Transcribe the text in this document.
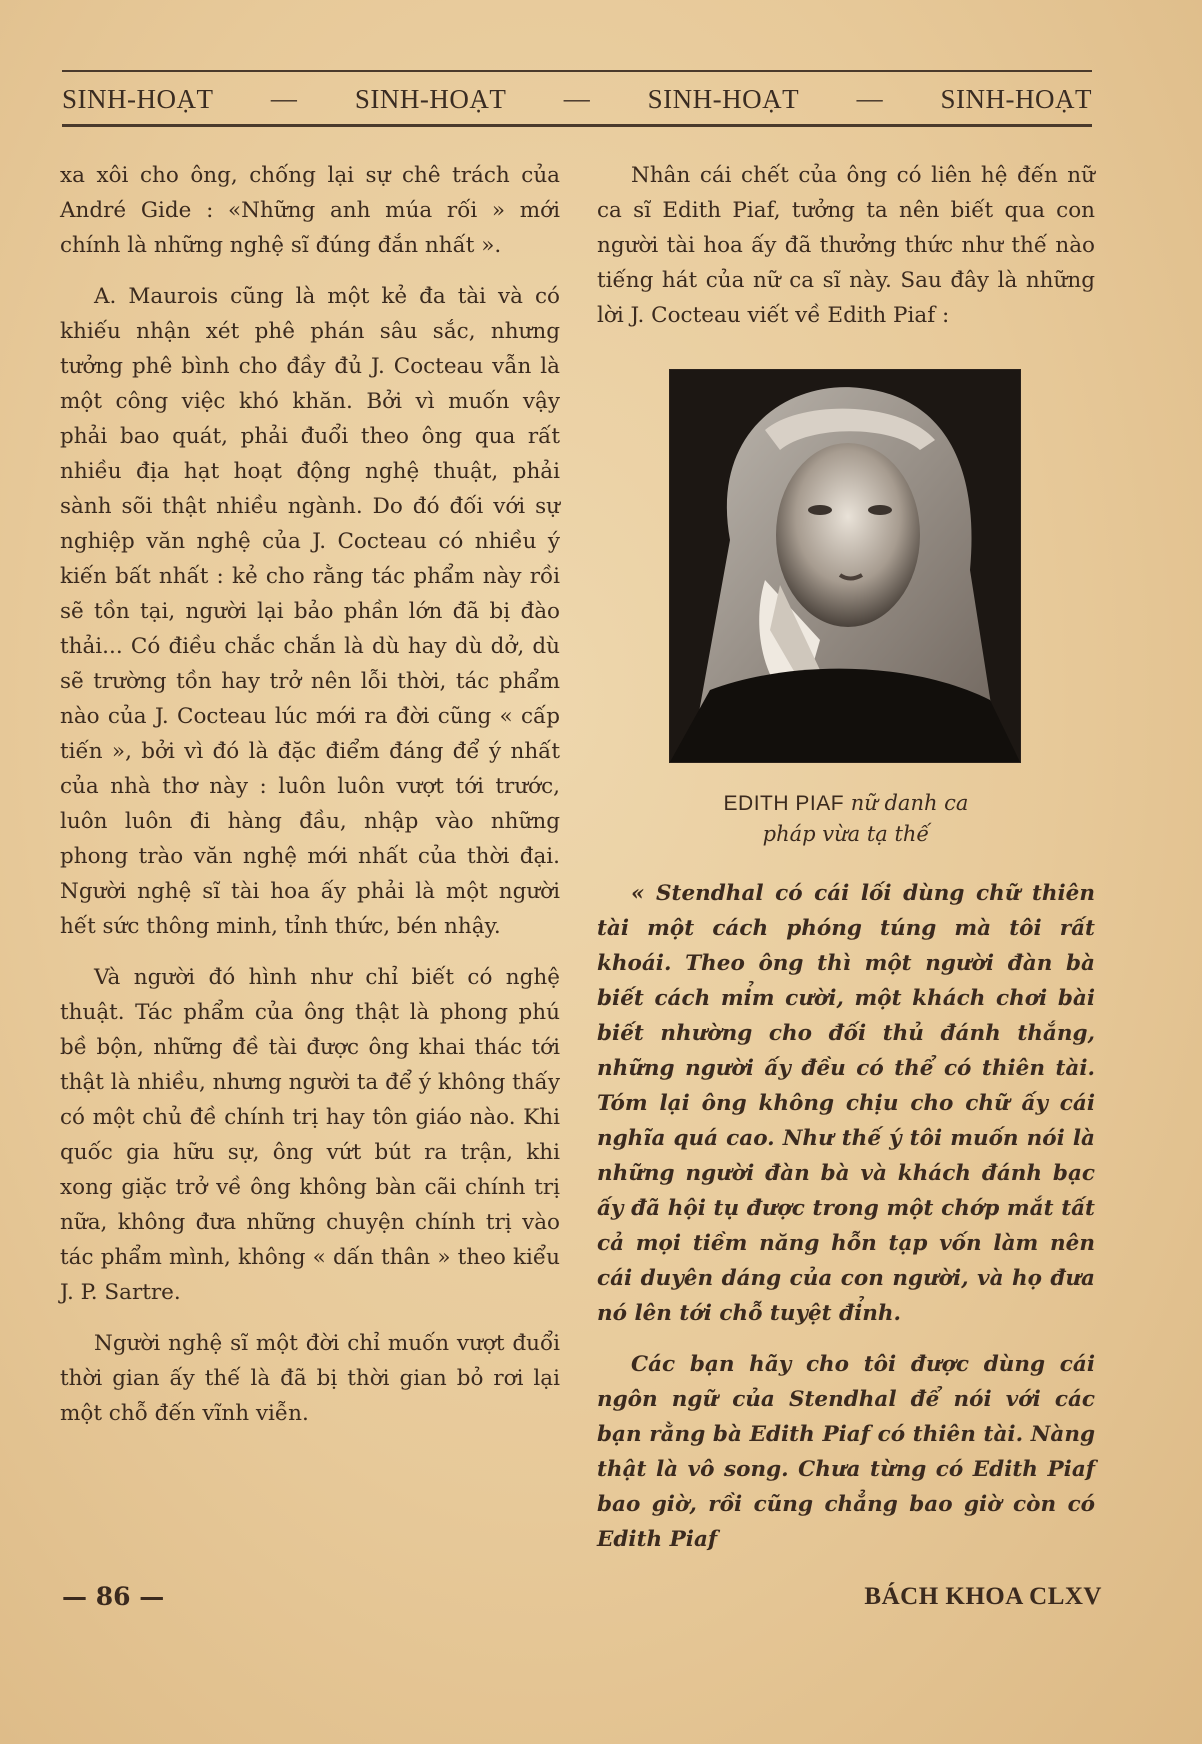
SINH-HOẠT — SINH-HOẠT — SINH-HOẠT — SINH-HOẠT

xa xôi cho ông, chống lại sự chê trách của André Gide : «Những anh múa rối » mới chính là những nghệ sĩ đúng đắn nhất ».

A. Maurois cũng là một kẻ đa tài và có khiếu nhận xét phê phán sâu sắc, nhưng tưởng phê bình cho đầy đủ J. Cocteau vẫn là một công việc khó khăn. Bởi vì muốn vậy phải bao quát, phải đuổi theo ông qua rất nhiều địa hạt hoạt động nghệ thuật, phải sành sõi thật nhiều ngành. Do đó đối với sự nghiệp văn nghệ của J. Cocteau có nhiều ý kiến bất nhất : kẻ cho rằng tác phẩm này rồi sẽ tồn tại, người lại bảo phần lớn đã bị đào thải... Có điều chắc chắn là dù hay dù dở, dù sẽ trường tồn hay trở nên lỗi thời, tác phẩm nào của J. Cocteau lúc mới ra đời cũng « cấp tiến », bởi vì đó là đặc điểm đáng để ý nhất của nhà thơ này : luôn luôn vượt tới trước, luôn luôn đi hàng đầu, nhập vào những phong trào văn nghệ mới nhất của thời đại. Người nghệ sĩ tài hoa ấy phải là một người hết sức thông minh, tỉnh thức, bén nhậy.

Và người đó hình như chỉ biết có nghệ thuật. Tác phẩm của ông thật là phong phú bề bộn, những đề tài được ông khai thác tới thật là nhiều, nhưng người ta để ý không thấy có một chủ đề chính trị hay tôn giáo nào. Khi quốc gia hữu sự, ông vứt bút ra trận, khi xong giặc trở về ông không bàn cãi chính trị nữa, không đưa những chuyện chính trị vào tác phẩm mình, không « dấn thân » theo kiểu J. P. Sartre.

Người nghệ sĩ một đời chỉ muốn vượt đuổi thời gian ấy thế là đã bị thời gian bỏ rơi lại một chỗ đến vĩnh viễn.

Nhân cái chết của ông có liên hệ đến nữ ca sĩ Edith Piaf, tưởng ta nên biết qua con người tài hoa ấy đã thưởng thức như thế nào tiếng hát của nữ ca sĩ này. Sau đây là những lời J. Cocteau viết về Edith Piaf :

EDITH PIAF nữ danh ca
pháp vừa tạ thế

« Stendhal có cái lối dùng chữ thiên tài một cách phóng túng mà tôi rất khoái. Theo ông thì một người đàn bà biết cách mỉm cười, một khách chơi bài biết nhường cho đối thủ đánh thắng, những người ấy đều có thể có thiên tài. Tóm lại ông không chịu cho chữ ấy cái nghĩa quá cao. Như thế ý tôi muốn nói là những người đàn bà và khách đánh bạc ấy đã hội tụ được trong một chớp mắt tất cả mọi tiềm năng hỗn tạp vốn làm nên cái duyên dáng của con người, và họ đưa nó lên tới chỗ tuyệt đỉnh.

Các bạn hãy cho tôi được dùng cái ngôn ngữ của Stendhal để nói với các bạn rằng bà Edith Piaf có thiên tài. Nàng thật là vô song. Chưa từng có Edith Piaf bao giờ, rồi cũng chẳng bao giờ còn có Edith Piaf

— 86 —	BÁCH KHOA CLXV
